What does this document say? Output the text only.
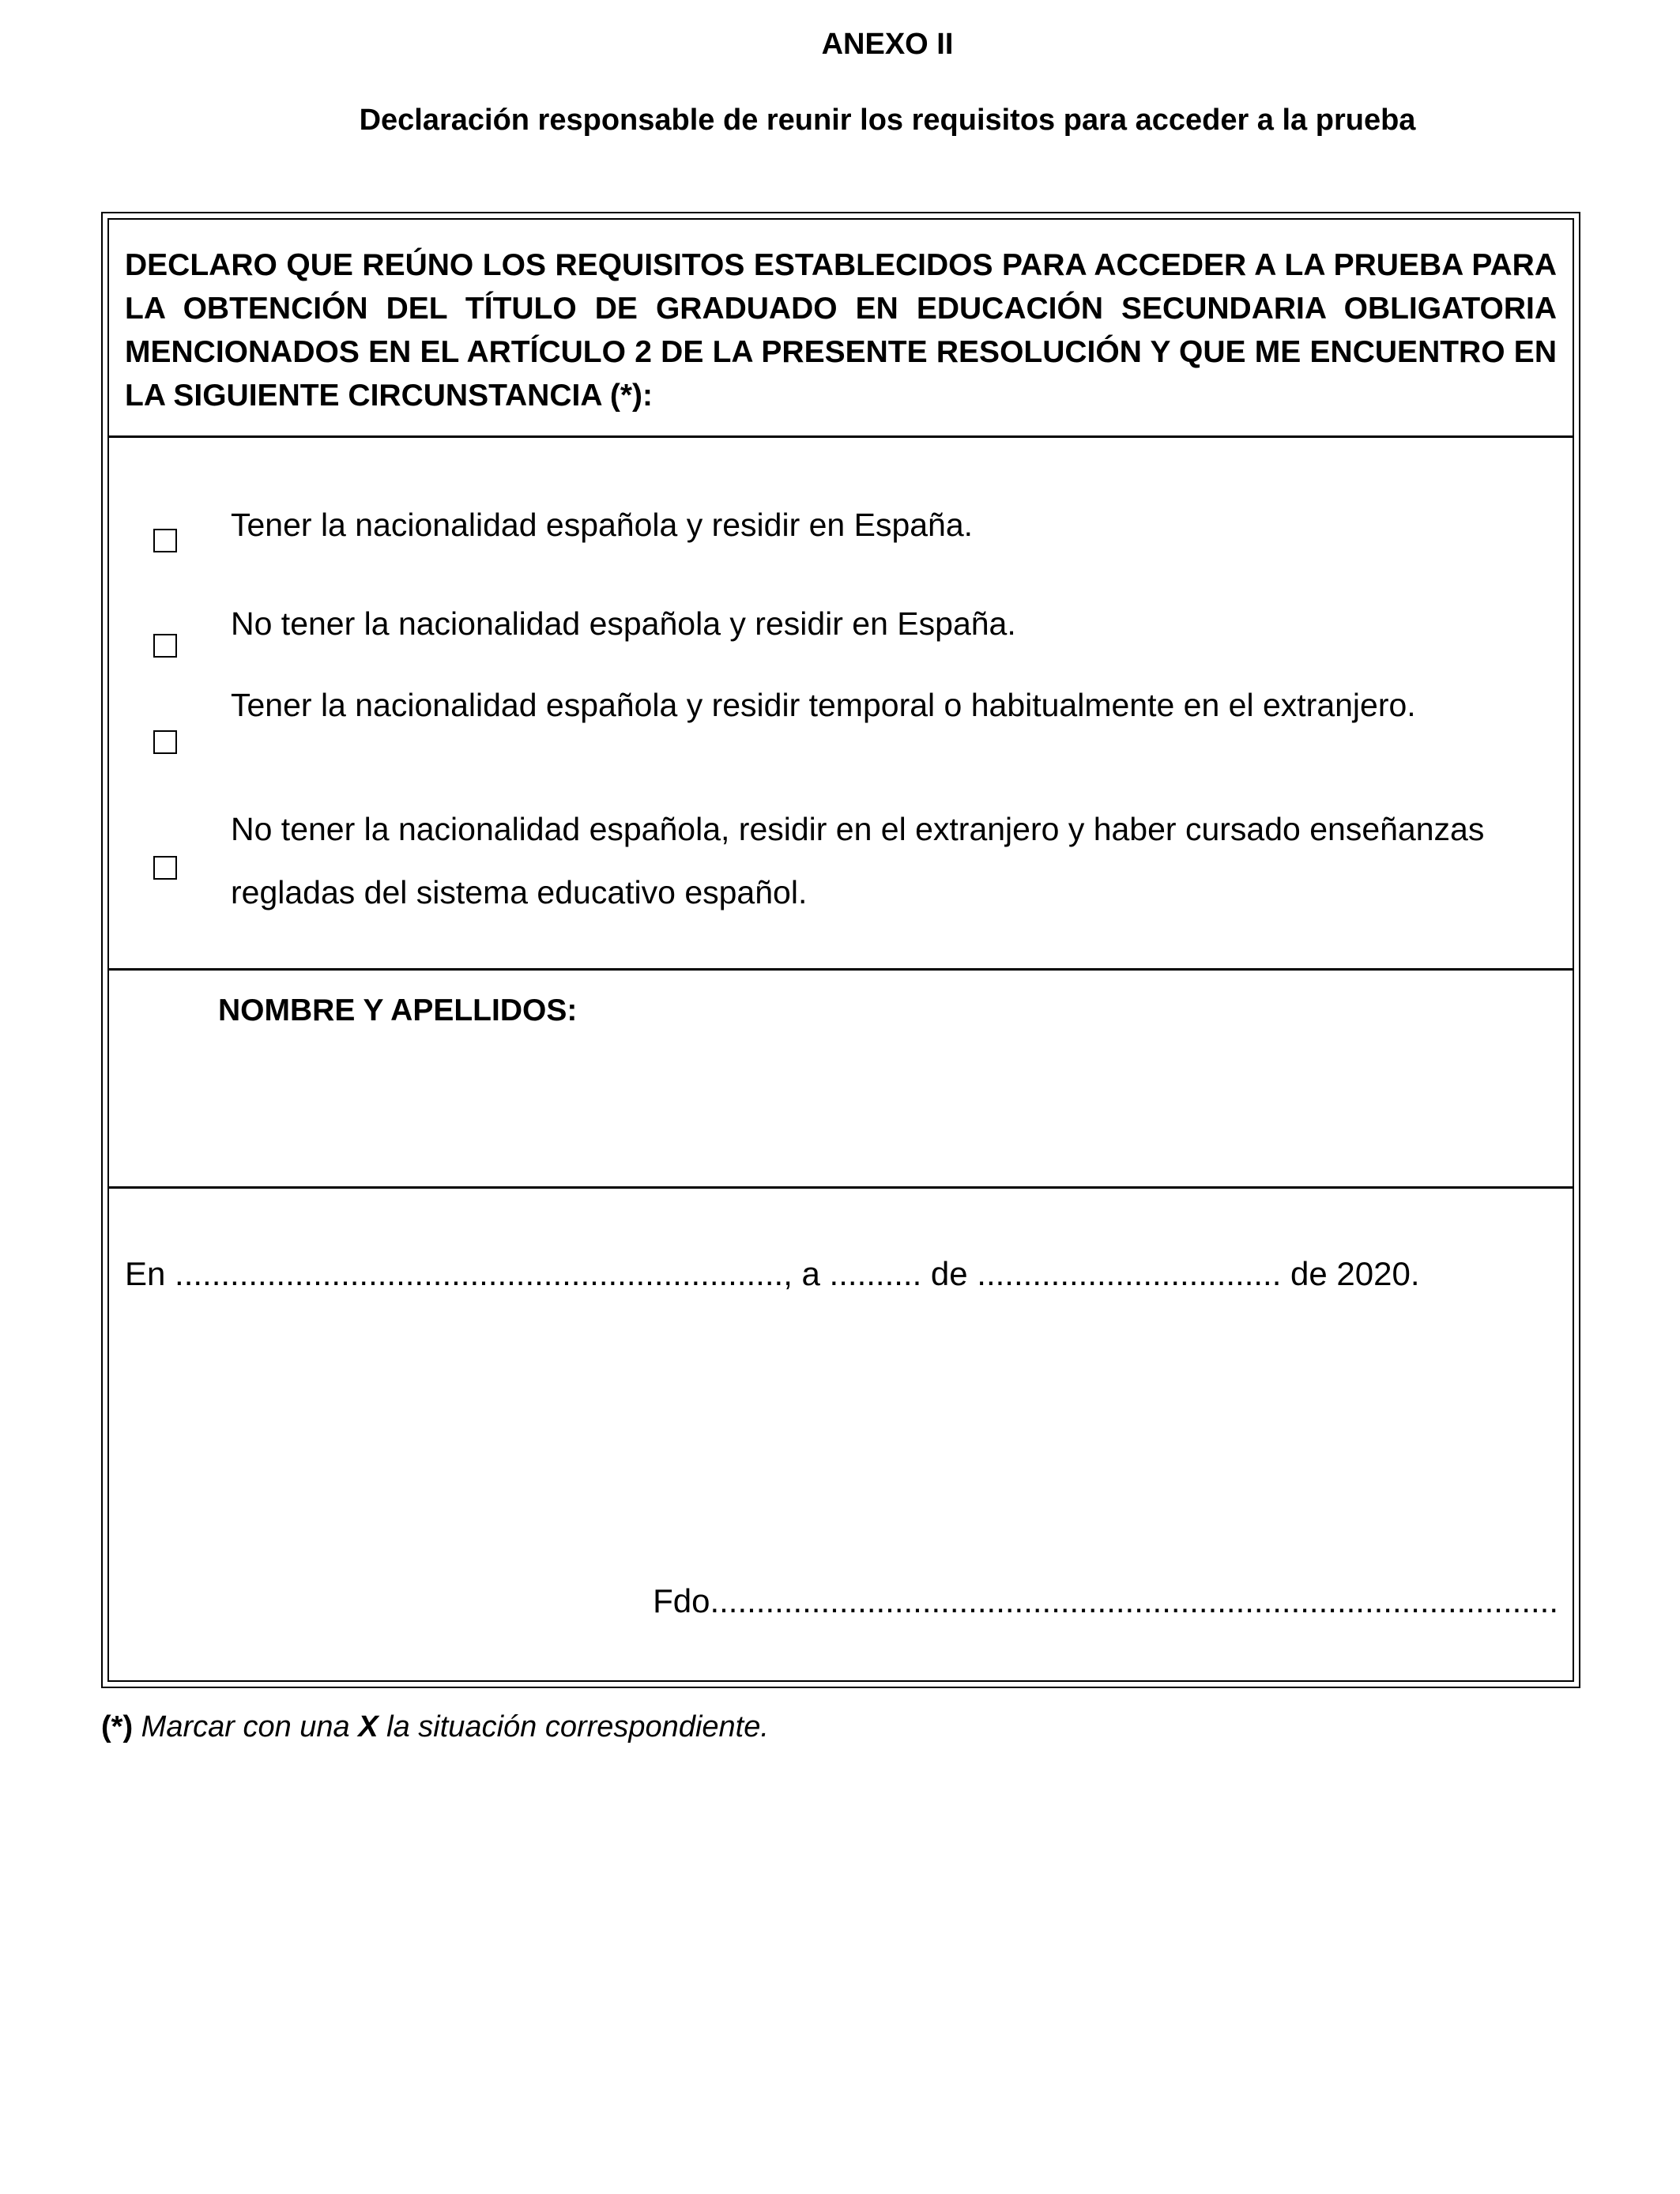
ANEXO II
Declaración responsable de reunir los requisitos para acceder a la prueba
DECLARO QUE REÚNO LOS REQUISITOS ESTABLECIDOS PARA ACCEDER A LA PRUEBA PARA LA OBTENCIÓN DEL TÍTULO DE GRADUADO EN EDUCACIÓN SECUNDARIA OBLIGATORIA MENCIONADOS EN EL ARTÍCULO 2 DE LA PRESENTE RESOLUCIÓN Y QUE ME ENCUENTRO EN LA SIGUIENTE CIRCUNSTANCIA (*):
Tener la nacionalidad española y residir en España.
No tener la nacionalidad española y residir en España.
Tener la nacionalidad española y residir temporal o habitualmente en el extranjero.
No tener la nacionalidad española, residir en el extranjero y haber cursado enseñanzas regladas del sistema educativo español.
NOMBRE Y APELLIDOS:
En .................................................................., a .......... de ................................. de 2020.
Fdo............................................................................................
(*) Marcar con una X la situación correspondiente.
